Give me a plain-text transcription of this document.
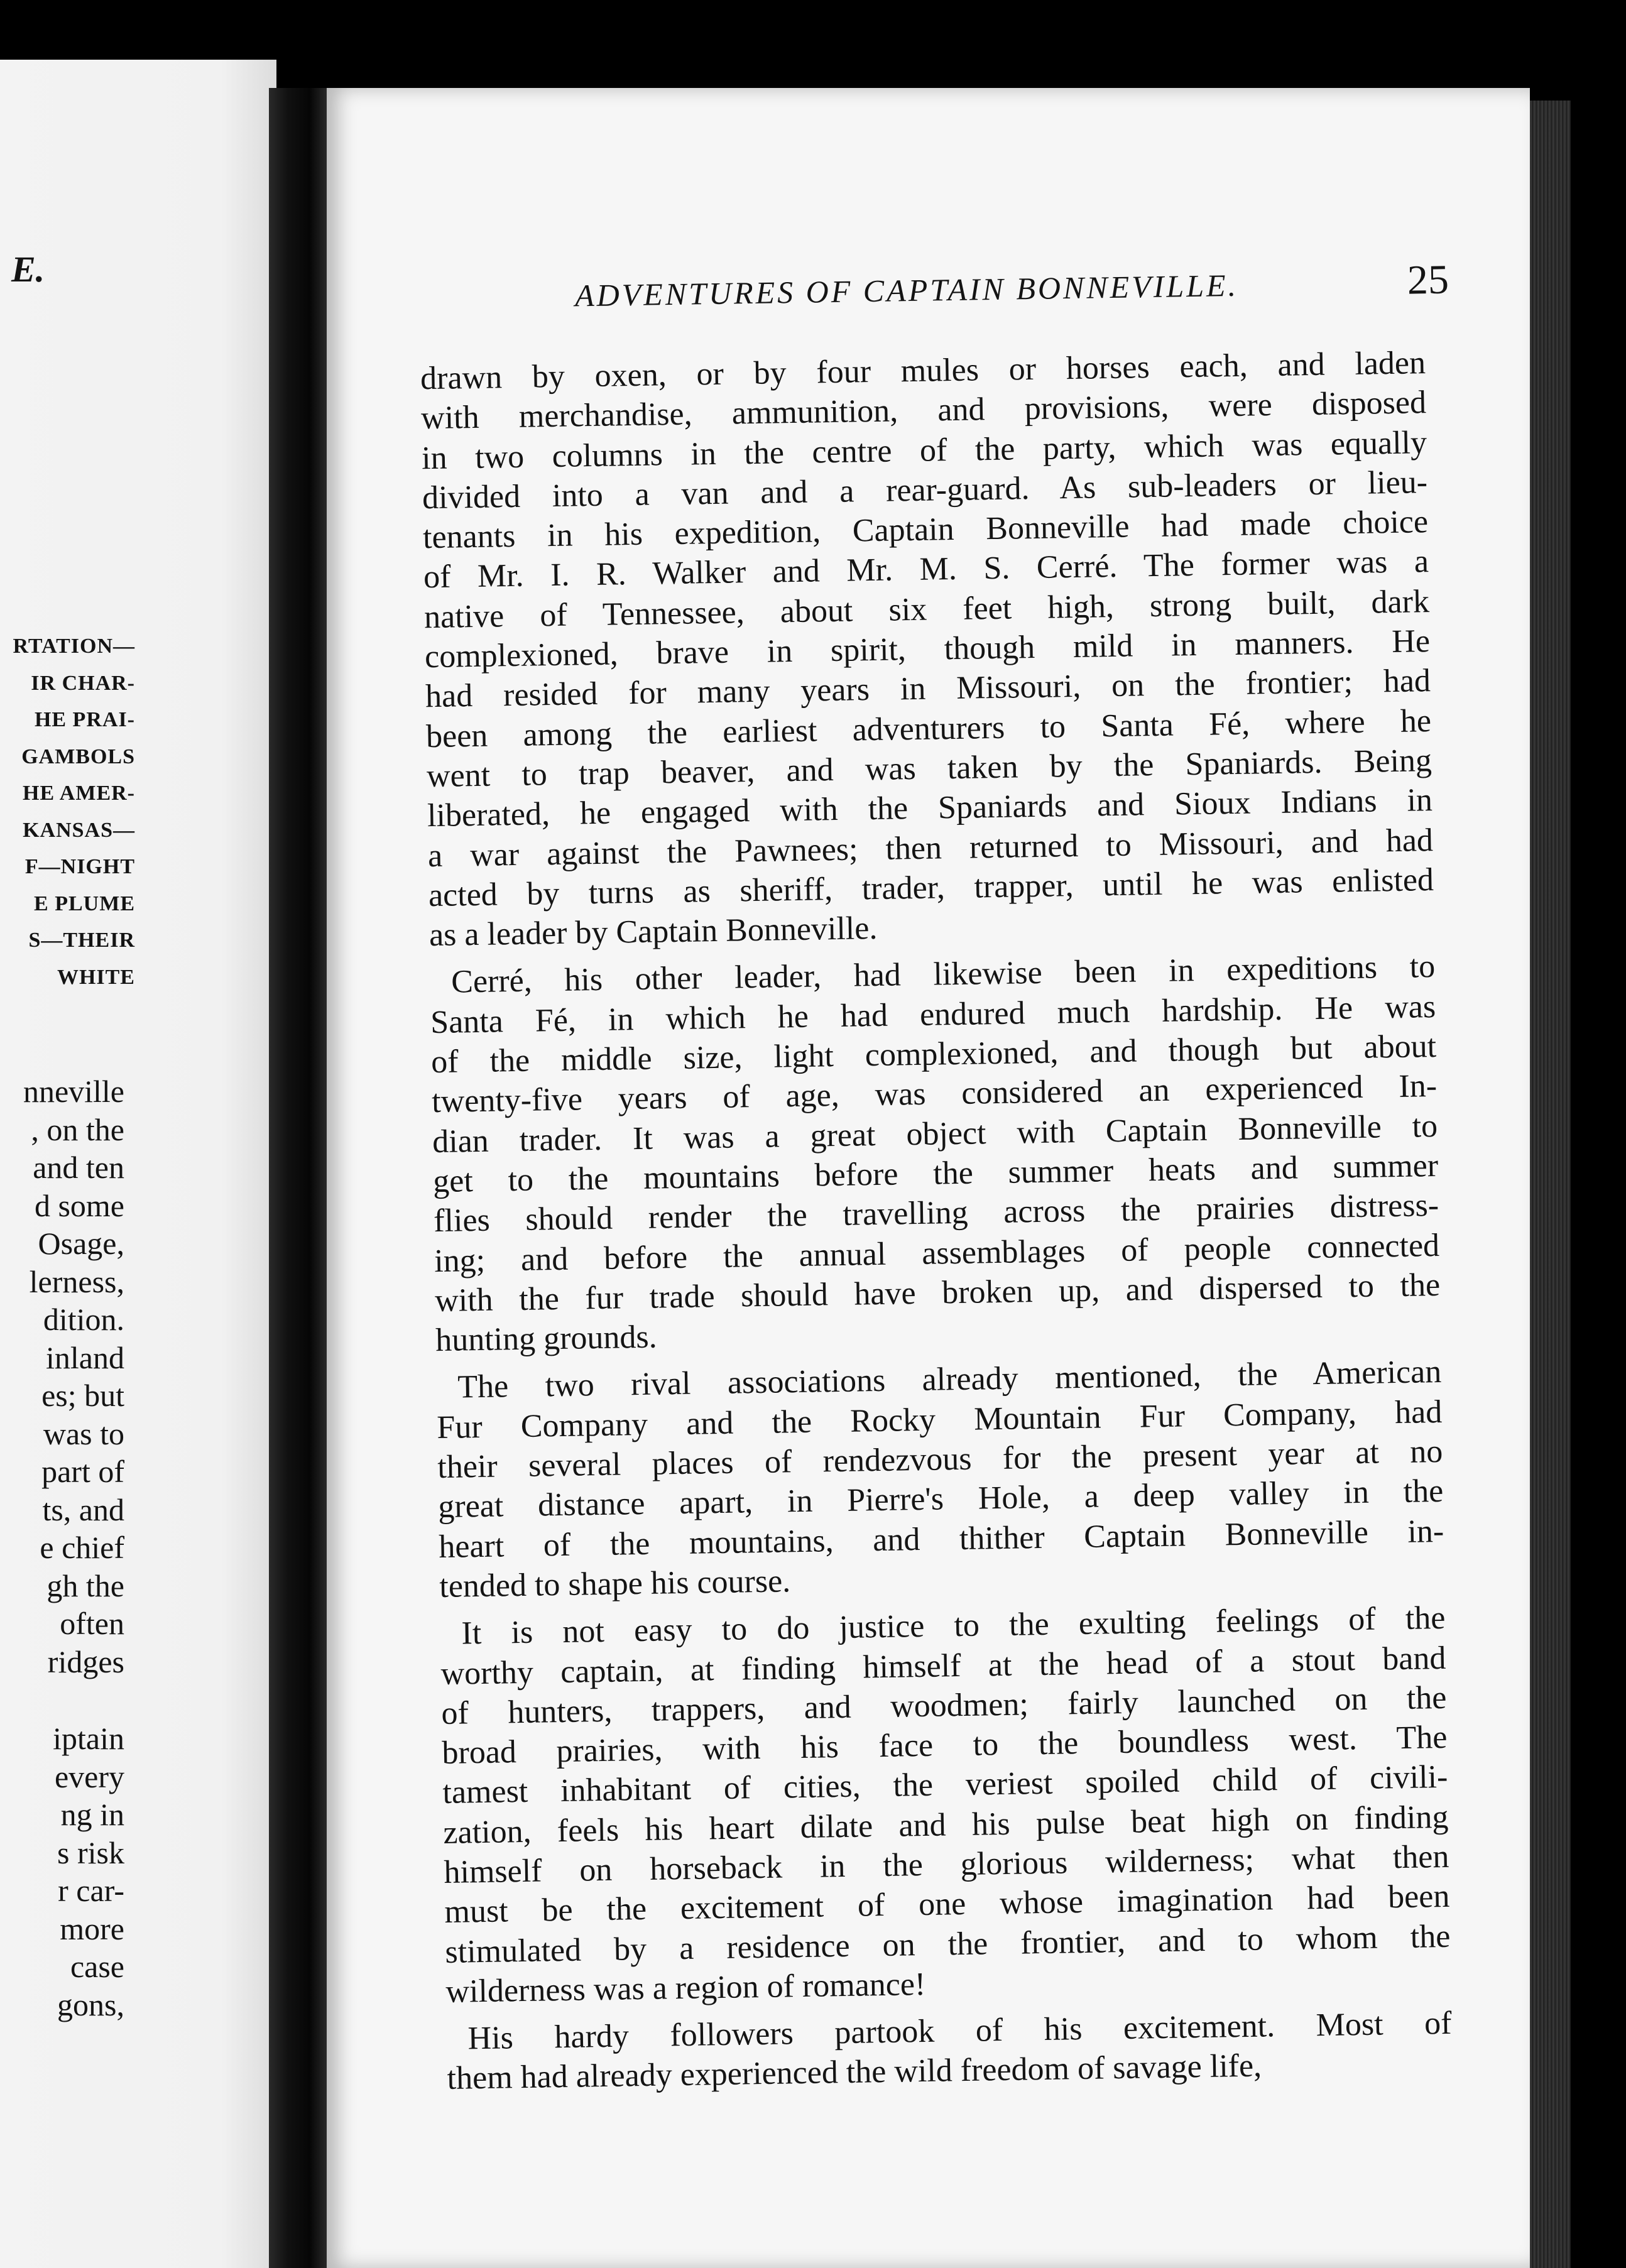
E.
RTATION—
IR CHAR-
HE PRAI-
GAMBOLS
HE AMER-
KANSAS—
F—NIGHT
E PLUME
S—THEIR
WHITE
nneville
, on the
and ten
d some
Osage,
lerness,
dition.
inland
es; but
was to
part of
ts, and
e chief
gh the
often
ridges
iptain
every
ng in
s risk
r car-
more
case
gons,
ADVENTURES OF CAPTAIN BONNEVILLE.	25
drawn by oxen, or by four mules or horses each, and laden
with merchandise, ammunition, and provisions, were disposed
in two columns in the centre of the party, which was equally
divided into a van and a rear-guard. As sub-leaders or lieu-
tenants in his expedition, Captain Bonneville had made choice
of Mr. I. R. Walker and Mr. M. S. Cerré. The former was a
native of Tennessee, about six feet high, strong built, dark
complexioned, brave in spirit, though mild in manners. He
had resided for many years in Missouri, on the frontier; had
been among the earliest adventurers to Santa Fé, where he
went to trap beaver, and was taken by the Spaniards. Being
liberated, he engaged with the Spaniards and Sioux Indians in
a war against the Pawnees; then returned to Missouri, and had
acted by turns as sheriff, trader, trapper, until he was enlisted
as a leader by Captain Bonneville.
Cerré, his other leader, had likewise been in expeditions to
Santa Fé, in which he had endured much hardship. He was
of the middle size, light complexioned, and though but about
twenty-five years of age, was considered an experienced In-
dian trader. It was a great object with Captain Bonneville to
get to the mountains before the summer heats and summer
flies should render the travelling across the prairies distress-
ing; and before the annual assemblages of people connected
with the fur trade should have broken up, and dispersed to the
hunting grounds.
The two rival associations already mentioned, the American
Fur Company and the Rocky Mountain Fur Company, had
their several places of rendezvous for the present year at no
great distance apart, in Pierre's Hole, a deep valley in the
heart of the mountains, and thither Captain Bonneville in-
tended to shape his course.
It is not easy to do justice to the exulting feelings of the
worthy captain, at finding himself at the head of a stout band
of hunters, trappers, and woodmen; fairly launched on the
broad prairies, with his face to the boundless west. The
tamest inhabitant of cities, the veriest spoiled child of civili-
zation, feels his heart dilate and his pulse beat high on finding
himself on horseback in the glorious wilderness; what then
must be the excitement of one whose imagination had been
stimulated by a residence on the frontier, and to whom the
wilderness was a region of romance!
His hardy followers partook of his excitement. Most of
them had already experienced the wild freedom of savage life,
